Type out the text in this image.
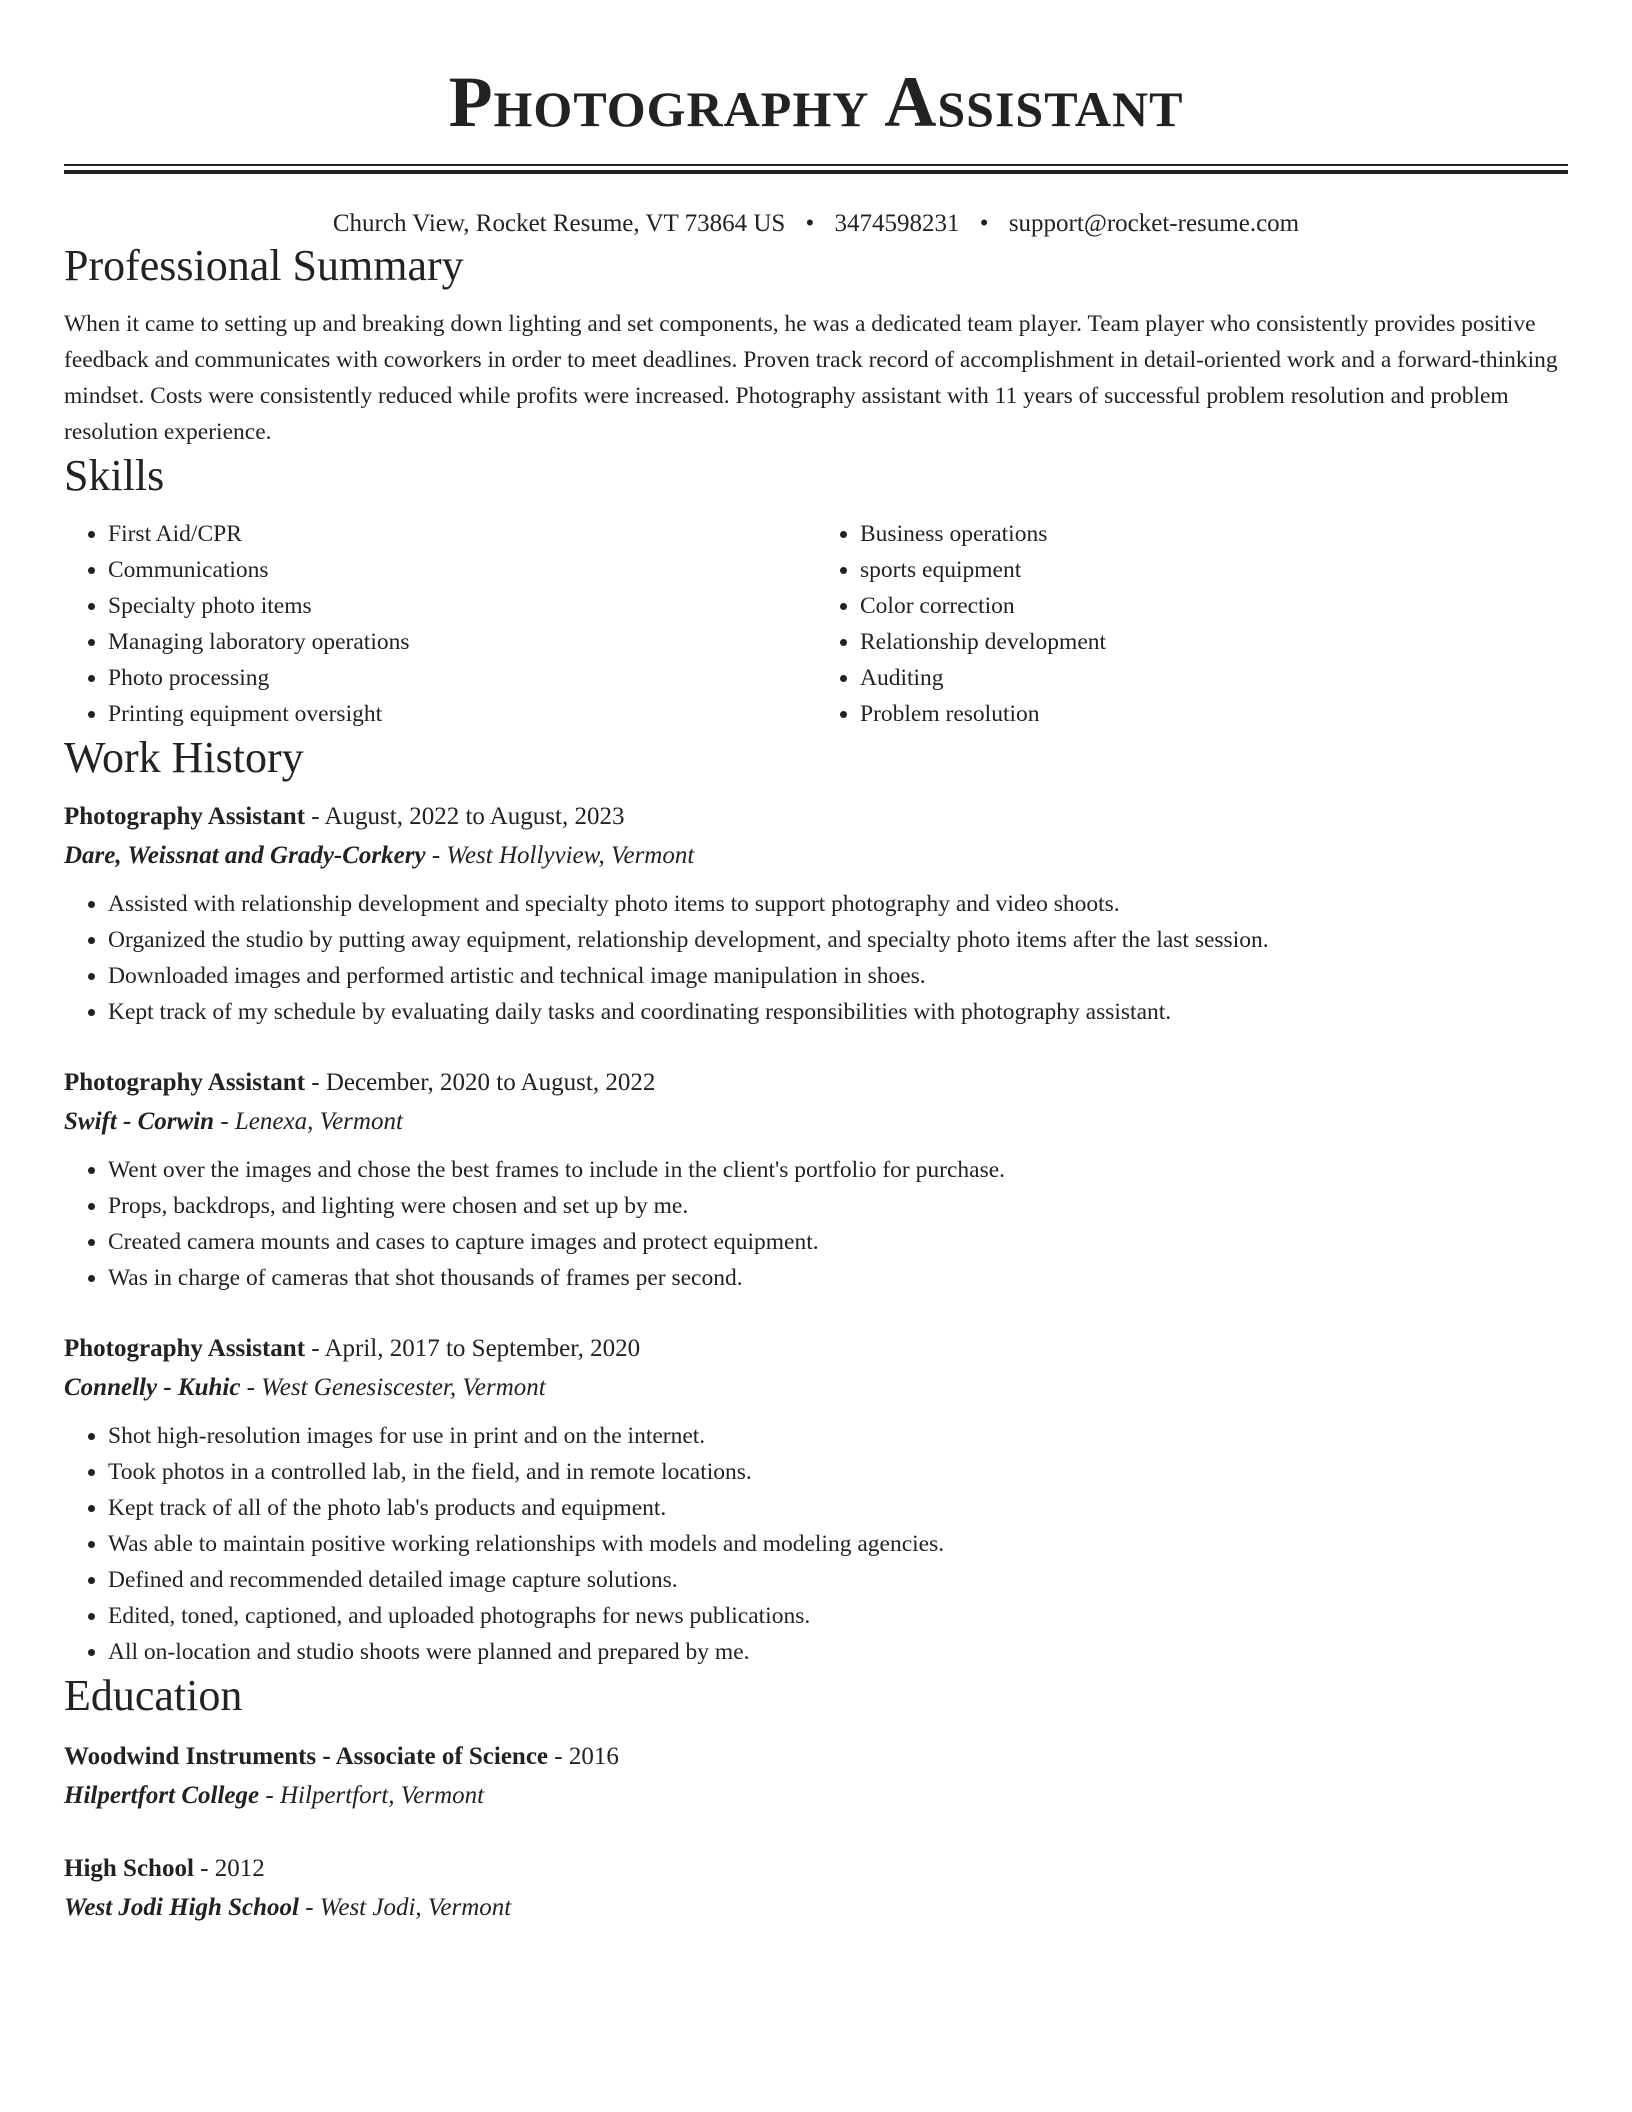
Photography Assistant
Church View, Rocket Resume, VT 73864 US • 3474598231 • support@rocket-resume.com
Professional Summary

When it came to setting up and breaking down lighting and set components, he was a dedicated team player. Team player who consistently provides positive feedback and communicates with coworkers in order to meet deadlines. Proven track record of accomplishment in detail-oriented work and a forward-thinking mindset. Costs were consistently reduced while profits were increased. Photography assistant with 11 years of successful problem resolution and problem resolution experience.

Skills
• First Aid/CPR
• Communications
• Specialty photo items
• Managing laboratory operations
• Photo processing
• Printing equipment oversight
• Business operations
• sports equipment
• Color correction
• Relationship development
• Auditing
• Problem resolution
Work History
Photography Assistant - August, 2022 to August, 2023
Dare, Weissnat and Grady-Corkery - West Hollyview, Vermont
• Assisted with relationship development and specialty photo items to support photography and video shoots.
• Organized the studio by putting away equipment, relationship development, and specialty photo items after the last session.
• Downloaded images and performed artistic and technical image manipulation in shoes.
• Kept track of my schedule by evaluating daily tasks and coordinating responsibilities with photography assistant.
Photography Assistant - December, 2020 to August, 2022
Swift - Corwin - Lenexa, Vermont
• Went over the images and chose the best frames to include in the client's portfolio for purchase.
• Props, backdrops, and lighting were chosen and set up by me.
• Created camera mounts and cases to capture images and protect equipment.
• Was in charge of cameras that shot thousands of frames per second.
Photography Assistant - April, 2017 to September, 2020
Connelly - Kuhic - West Genesiscester, Vermont
• Shot high-resolution images for use in print and on the internet.
• Took photos in a controlled lab, in the field, and in remote locations.
• Kept track of all of the photo lab's products and equipment.
• Was able to maintain positive working relationships with models and modeling agencies.
• Defined and recommended detailed image capture solutions.
• Edited, toned, captioned, and uploaded photographs for news publications.
• All on-location and studio shoots were planned and prepared by me.
Education
Woodwind Instruments - Associate of Science - 2016
Hilpertfort College - Hilpertfort, Vermont
High School - 2012
West Jodi High School - West Jodi, Vermont
